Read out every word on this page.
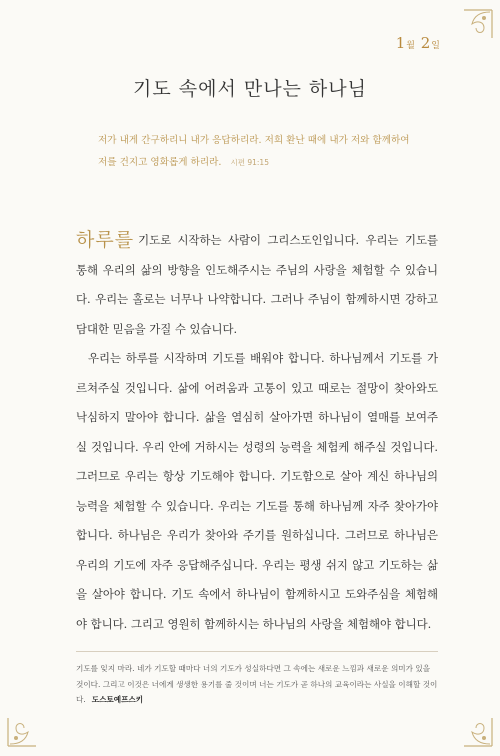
1월 2일
기도 속에서 만나는 하나님
저가 내게 간구하리니 내가 응답하리라. 저희 환난 때에 내가 저와 함께하여 저를 건지고 영화롭게 하리라. 시편 91:15

하루를 기도로 시작하는 사람이 그리스도인입니다. 우리는 기도를 통해 우리의 삶의 방향을 인도해주시는 주님의 사랑을 체험할 수 있습니다. 우리는 홀로는 너무나 나약합니다. 그러나 주님이 함께하시면 강하고 담대한 믿음을 가질 수 있습니다.

우리는 하루를 시작하며 기도를 배워야 합니다. 하나님께서 기도를 가르쳐주실 것입니다. 삶에 어려움과 고통이 있고 때로는 절망이 찾아와도 낙심하지 말아야 합니다. 삶을 열심히 살아가면 하나님이 열매를 보여주실 것입니다. 우리 안에 거하시는 성령의 능력을 체험케 해주실 것입니다. 그러므로 우리는 항상 기도해야 합니다. 기도함으로 살아 계신 하나님의 능력을 체험할 수 있습니다. 우리는 기도를 통해 하나님께 자주 찾아가야 합니다. 하나님은 우리가 찾아와 주기를 원하십니다. 그러므로 하나님은 우리의 기도에 자주 응답해주십니다. 우리는 평생 쉬지 않고 기도하는 삶을 살아야 합니다. 기도 속에서 하나님이 함께하시고 도와주심을 체험해야 합니다. 그리고 영원히 함께하시는 하나님의 사랑을 체험해야 합니다.

기도를 잊지 마라. 네가 기도할 때마다 너의 기도가 성실하다면 그 속에는 새로운 느낌과 새로운 의미가 있을 것이다. 그리고 이것은 너에게 생생한 용기를 줄 것이며 너는 기도가 곧 하나의 교육이라는 사실을 이해할 것이다. 도스토예프스키
